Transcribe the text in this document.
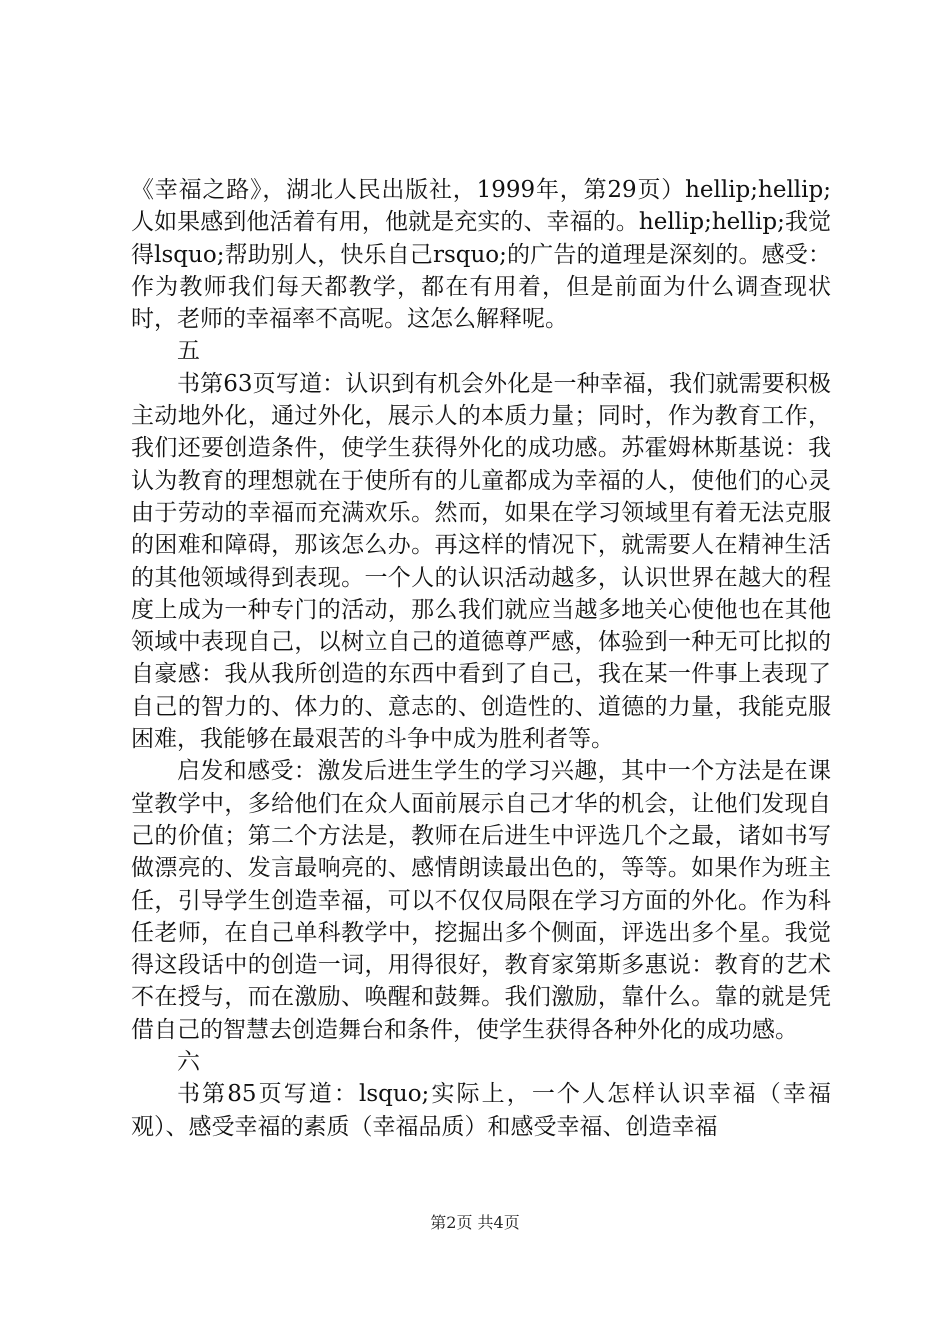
《幸福之路》，湖北人民出版社，1999年，第29页）hellip;hellip;人如果感到他活着有用，他就是充实的、幸福的。hellip;hellip;我觉得lsquo;帮助别人，快乐自己rsquo;的广告的道理是深刻的。感受：作为教师我们每天都教学，都在有用着，但是前面为什么调查现状时，老师的幸福率不高呢。这怎么解释呢。

五

书第63页写道：认识到有机会外化是一种幸福，我们就需要积极主动地外化，通过外化，展示人的本质力量；同时，作为教育工作，我们还要创造条件，使学生获得外化的成功感。苏霍姆林斯基说：我认为教育的理想就在于使所有的儿童都成为幸福的人，使他们的心灵由于劳动的幸福而充满欢乐。然而，如果在学习领域里有着无法克服的困难和障碍，那该怎么办。再这样的情况下，就需要人在精神生活的其他领域得到表现。一个人的认识活动越多，认识世界在越大的程度上成为一种专门的活动，那么我们就应当越多地关心使他也在其他领域中表现自己，以树立自己的道德尊严感，体验到一种无可比拟的自豪感：我从我所创造的东西中看到了自己，我在某一件事上表现了自己的智力的、体力的、意志的、创造性的、道德的力量，我能克服困难，我能够在最艰苦的斗争中成为胜利者等。

启发和感受：激发后进生学生的学习兴趣，其中一个方法是在课堂教学中，多给他们在众人面前展示自己才华的机会，让他们发现自己的价值；第二个方法是，教师在后进生中评选几个之最，诸如书写做漂亮的、发言最响亮的、感情朗读最出色的，等等。如果作为班主任，引导学生创造幸福，可以不仅仅局限在学习方面的外化。作为科任老师，在自己单科教学中，挖掘出多个侧面，评选出多个星。我觉得这段话中的创造一词，用得很好，教育家第斯多惠说：教育的艺术不在授与，而在激励、唤醒和鼓舞。我们激励，靠什么。靠的就是凭借自己的智慧去创造舞台和条件，使学生获得各种外化的成功感。

六

书第85页写道：lsquo;实际上，一个人怎样认识幸福（幸福观）、感受幸福的素质（幸福品质）和感受幸福、创造幸福

第2页 共4页
